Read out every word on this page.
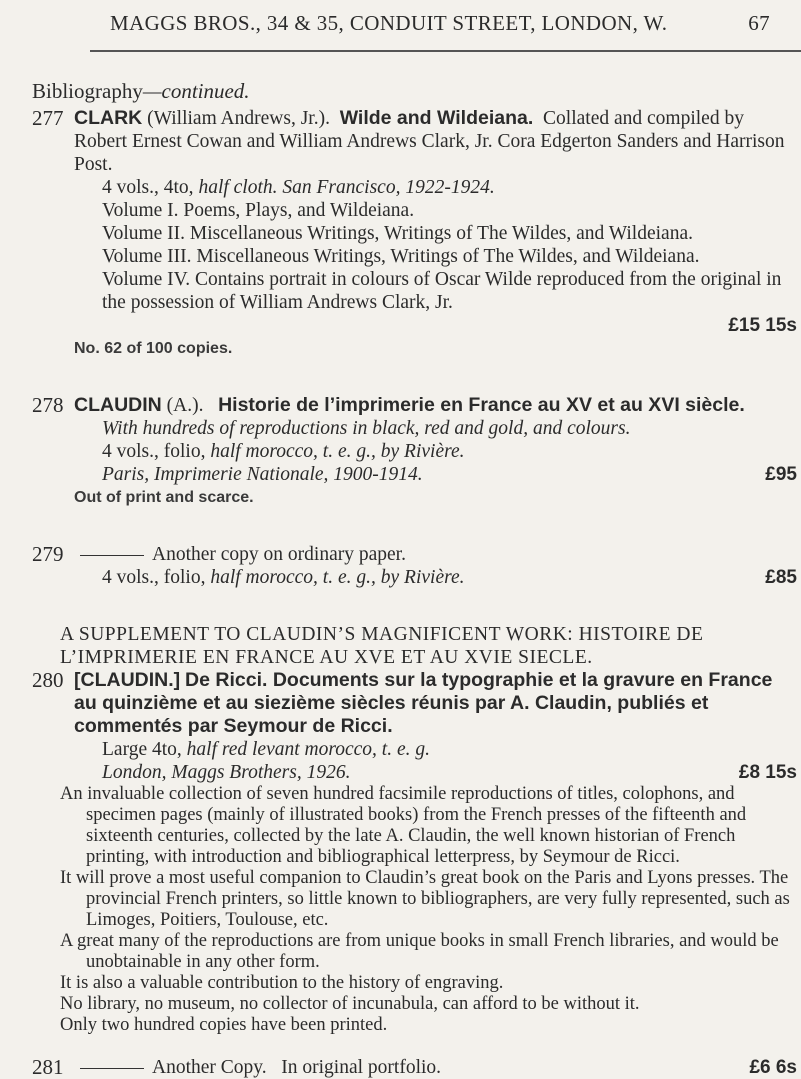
MAGGS BROS., 34 & 35, CONDUIT STREET, LONDON, W.	67
Bibliography—continued.
277 CLARK (William Andrews, Jr.). Wilde and Wildeiana. Collated and compiled by Robert Ernest Cowan and William Andrews Clark, Jr. Cora Edgerton Sanders and Harrison Post.
4 vols., 4to, half cloth. San Francisco, 1922-1924.
Volume I. Poems, Plays, and Wildeiana.
Volume II. Miscellaneous Writings, Writings of The Wildes, and Wildeiana.
Volume III. Miscellaneous Writings, Writings of The Wildes, and Wildeiana.
Volume IV. Contains portrait in colours of Oscar Wilde reproduced from the original in the possession of William Andrews Clark, Jr.
£15 15s
No. 62 of 100 copies.
278 CLAUDIN (A.). Historie de l’imprimerie en France au XV et au XVI siècle.
With hundreds of reproductions in black, red and gold, and colours.
4 vols., folio, half morocco, t. e. g., by Rivière.
Paris, Imprimerie Nationale, 1900-1914.	£95
Out of print and scarce.
279	Another copy on ordinary paper.
4 vols., folio, half morocco, t. e. g., by Rivière.	£85
A SUPPLEMENT TO CLAUDIN’S MAGNIFICENT WORK: HISTOIRE DE L’IMPRIMERIE EN FRANCE AU XVE ET AU XVIE SIECLE.
280 [CLAUDIN.] De Ricci. Documents sur la typographie et la gravure en France au quinzième et au siezième siècles réunis par A. Claudin, publiés et commentés par Seymour de Ricci.
Large 4to, half red levant morocco, t. e. g.
London, Maggs Brothers, 1926.	£8 15s
An invaluable collection of seven hundred facsimile reproductions of titles, colophons, and specimen pages (mainly of illustrated books) from the French presses of the fifteenth and sixteenth centuries, collected by the late A. Claudin, the well known historian of French printing, with introduction and bibliographical letterpress, by Seymour de Ricci.
It will prove a most useful companion to Claudin’s great book on the Paris and Lyons presses. The provincial French printers, so little known to bibliographers, are very fully represented, such as Limoges, Poitiers, Toulouse, etc.
A great many of the reproductions are from unique books in small French libraries, and would be unobtainable in any other form.
It is also a valuable contribution to the history of engraving.
No library, no museum, no collector of incunabula, can afford to be without it.
Only two hundred copies have been printed.
281	Another Copy. In original portfolio.	£6 6s
